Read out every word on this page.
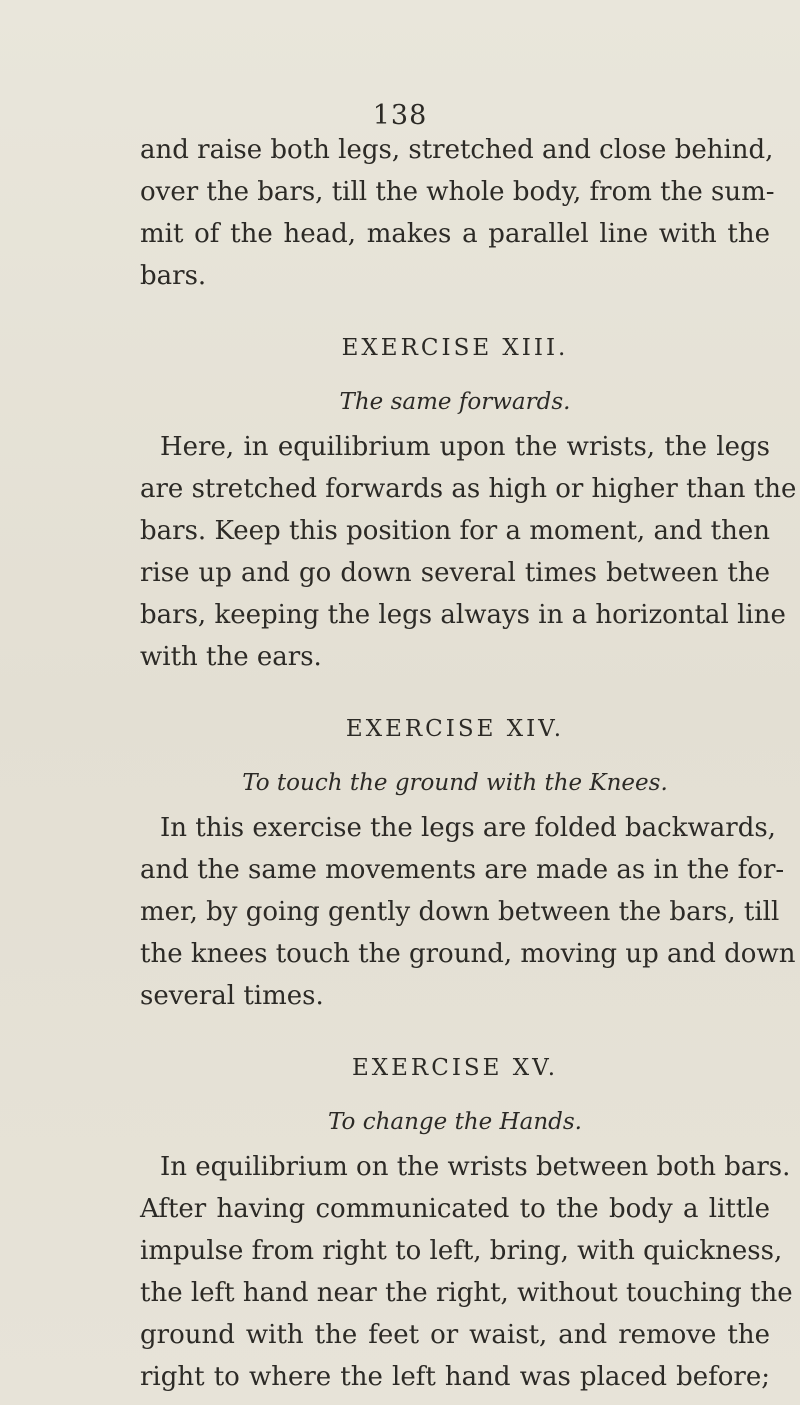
138
and raise both legs, stretched and close behind,
over the bars, till the whole body, from the sum-
mit of the head, makes a parallel line with the
bars.
EXERCISE XIII.
The same forwards.
Here, in equilibrium upon the wrists, the legs
are stretched forwards as high or higher than the
bars. Keep this position for a moment, and then
rise up and go down several times between the
bars, keeping the legs always in a horizontal line
with the ears.
EXERCISE XIV.
To touch the ground with the Knees.
In this exercise the legs are folded backwards,
and the same movements are made as in the for-
mer, by going gently down between the bars, till
the knees touch the ground, moving up and down
several times.
EXERCISE XV.
To change the Hands.
In equilibrium on the wrists between both bars.
After having communicated to the body a little
impulse from right to left, bring, with quickness,
the left hand near the right, without touching the
ground with the feet or waist, and remove the
right to where the left hand was placed before;
